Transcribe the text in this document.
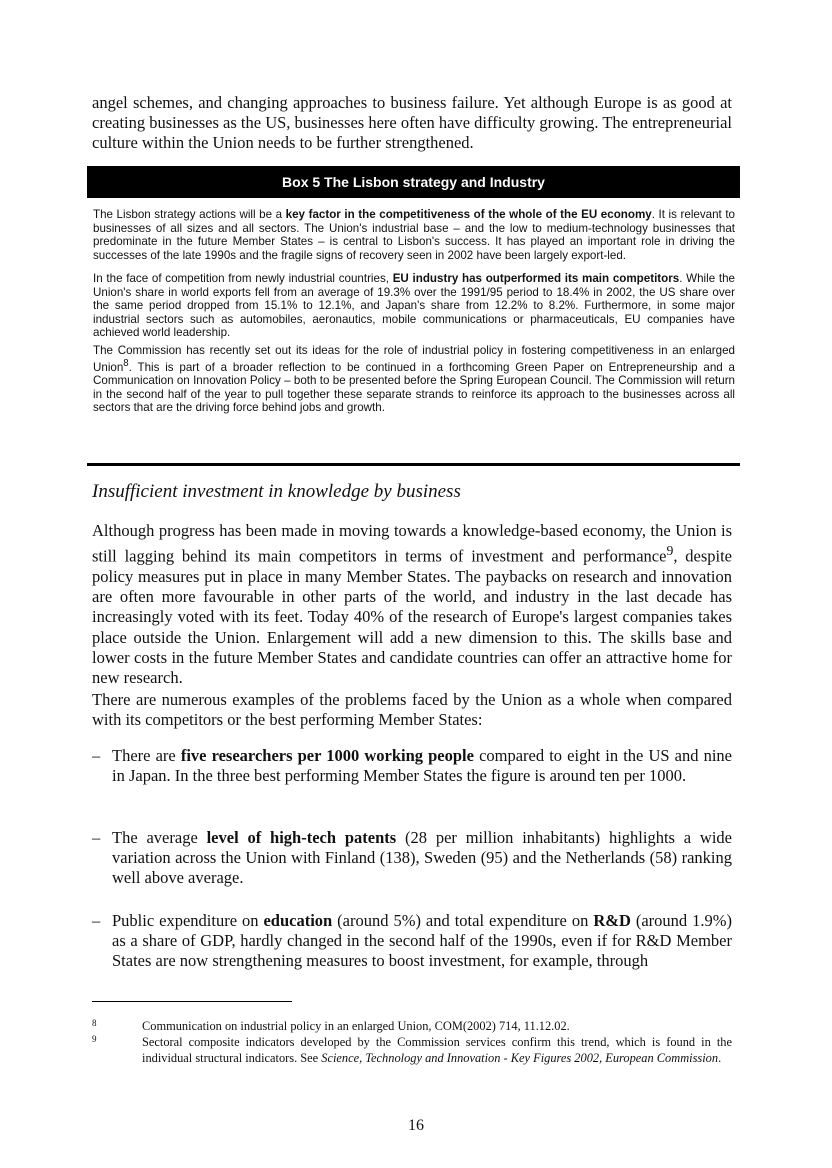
angel schemes, and changing approaches to business failure. Yet although Europe is as good at creating businesses as the US, businesses here often have difficulty growing. The entrepreneurial culture within the Union needs to be further strengthened.
Box 5 The Lisbon strategy and Industry

The Lisbon strategy actions will be a key factor in the competitiveness of the whole of the EU economy. It is relevant to businesses of all sizes and all sectors. The Union's industrial base – and the low to medium-technology businesses that predominate in the future Member States – is central to Lisbon's success. It has played an important role in driving the successes of the late 1990s and the fragile signs of recovery seen in 2002 have been largely export-led.

In the face of competition from newly industrial countries, EU industry has outperformed its main competitors. While the Union's share in world exports fell from an average of 19.3% over the 1991/95 period to 18.4% in 2002, the US share over the same period dropped from 15.1% to 12.1%, and Japan's share from 12.2% to 8.2%. Furthermore, in some major industrial sectors such as automobiles, aeronautics, mobile communications or pharmaceuticals, EU companies have achieved world leadership.

The Commission has recently set out its ideas for the role of industrial policy in fostering competitiveness in an enlarged Union$^8$. This is part of a broader reflection to be continued in a forthcoming Green Paper on Entrepreneurship and a Communication on Innovation Policy – both to be presented before the Spring European Council. The Commission will return in the second half of the year to pull together these separate strands to reinforce its approach to the businesses across all sectors that are the driving force behind jobs and growth.

Insufficient investment in knowledge by business
Although progress has been made in moving towards a knowledge-based economy, the Union is still lagging behind its main competitors in terms of investment and performance$^9$, despite policy measures put in place in many Member States. The paybacks on research and innovation are often more favourable in other parts of the world, and industry in the last decade has increasingly voted with its feet. Today 40% of the research of Europe's largest companies takes place outside the Union. Enlargement will add a new dimension to this. The skills base and lower costs in the future Member States and candidate countries can offer an attractive home for new research.
There are numerous examples of the problems faced by the Union as a whole when compared with its competitors or the best performing Member States:
– There are five researchers per 1000 working people compared to eight in the US and nine in Japan. In the three best performing Member States the figure is around ten per 1000.
– The average level of high-tech patents (28 per million inhabitants) highlights a wide variation across the Union with Finland (138), Sweden (95) and the Netherlands (58) ranking well above average.
– Public expenditure on education (around 5%) and total expenditure on R&D (around 1.9%) as a share of GDP, hardly changed in the second half of the 1990s, even if for R&D Member States are now strengthening measures to boost investment, for example, through
8	Communication on industrial policy in an enlarged Union, COM(2002) 714, 11.12.02.
9	Sectoral composite indicators developed by the Commission services confirm this trend, which is found in the individual structural indicators. See Science, Technology and Innovation - Key Figures 2002, European Commission.
16
